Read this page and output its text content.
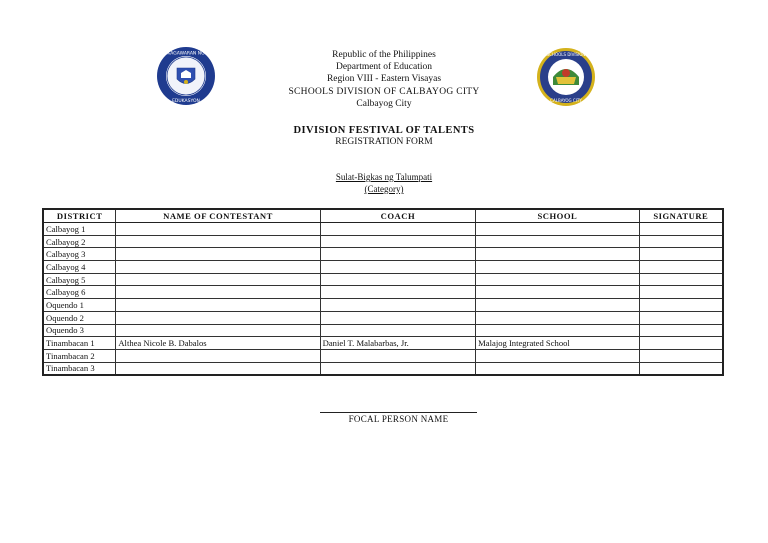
KAGAWARAN NG
EDUKASYON
SCHOOLS DIVISION
CALBAYOG CITY
Republic of the Philippines
Department of Education
Region VIII - Eastern Visayas
SCHOOLS DIVISION OF CALBAYOG CITY
Calbayog City
DIVISION FESTIVAL OF TALENTS
REGISTRATION FORM
Sulat-Bigkas ng Talumpati
(Category)
DISTRICT	NAME OF CONTESTANT	COACH	SCHOOL	SIGNATURE
Calbayog 1				
Calbayog 2				
Calbayog 3				
Calbayog 4				
Calbayog 5				
Calbayog 6				
Oquendo 1				
Oquendo 2				
Oquendo 3				
Tinambacan 1	Althea Nicole B. Dabalos	Daniel T. Malabarbas, Jr.	Malajog Integrated School	
Tinambacan 2				
Tinambacan 3				
FOCAL PERSON NAME
